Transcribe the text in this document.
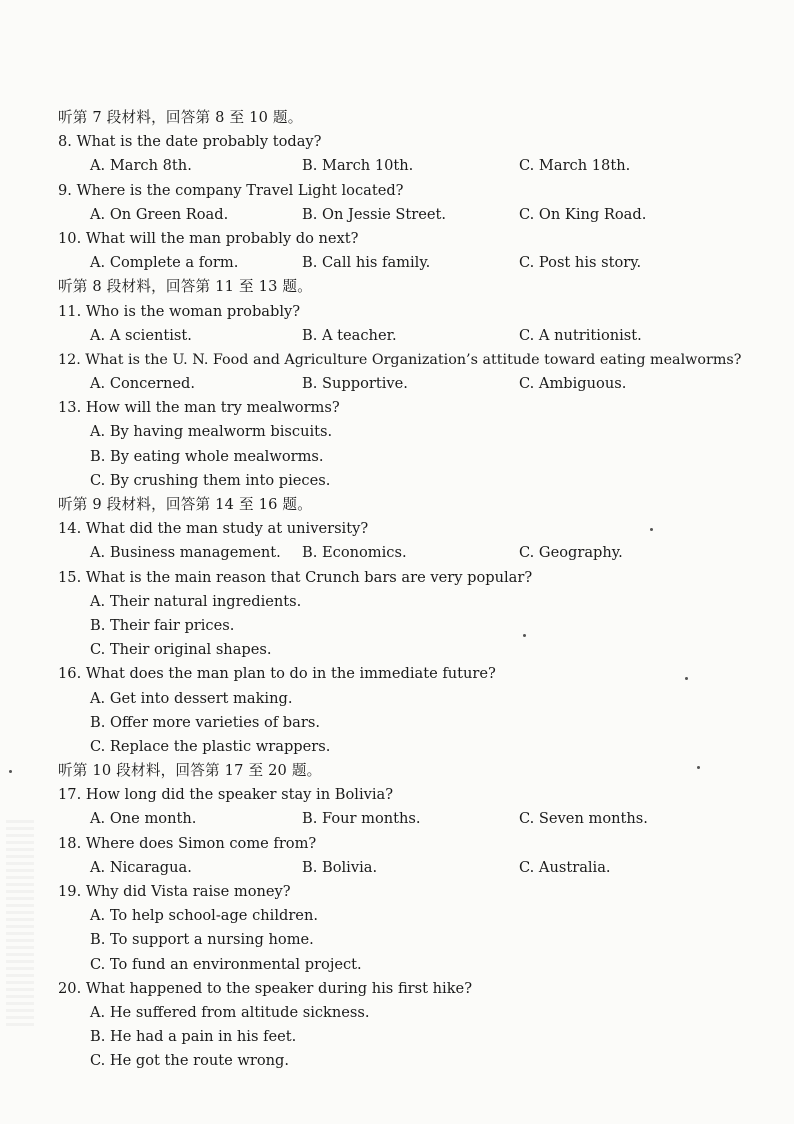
听第 7 段材料，回答第 8 至 10 题。
8. What is the date probably today?
A. March 8th.	B. March 10th.	C. March 18th.
9. Where is the company Travel Light located?
A. On Green Road.	B. On Jessie Street.	C. On King Road.
10. What will the man probably do next?
A. Complete a form.	B. Call his family.	C. Post his story.
听第 8 段材料，回答第 11 至 13 题。
11. Who is the woman probably?
A. A scientist.	B. A teacher.	C. A nutritionist.
12. What is the U. N. Food and Agriculture Organization’s attitude toward eating mealworms?
A. Concerned.	B. Supportive.	C. Ambiguous.
13. How will the man try mealworms?
A. By having mealworm biscuits.
B. By eating whole mealworms.
C. By crushing them into pieces.
听第 9 段材料，回答第 14 至 16 题。
14. What did the man study at university?
A. Business management. B. Economics.	C. Geography.
15. What is the main reason that Crunch bars are very popular?
A. Their natural ingredients.
B. Their fair prices.
C. Their original shapes.
16. What does the man plan to do in the immediate future?
A. Get into dessert making.
B. Offer more varieties of bars.
C. Replace the plastic wrappers.
听第 10 段材料，回答第 17 至 20 题。
17. How long did the speaker stay in Bolivia?
A. One month.	B. Four months.	C. Seven months.
18. Where does Simon come from?
A. Nicaragua.	B. Bolivia.	C. Australia.
19. Why did Vista raise money?
A. To help school-age children.
B. To support a nursing home.
C. To fund an environmental project.
20. What happened to the speaker during his first hike?
A. He suffered from altitude sickness.
B. He had a pain in his feet.
C. He got the route wrong.
